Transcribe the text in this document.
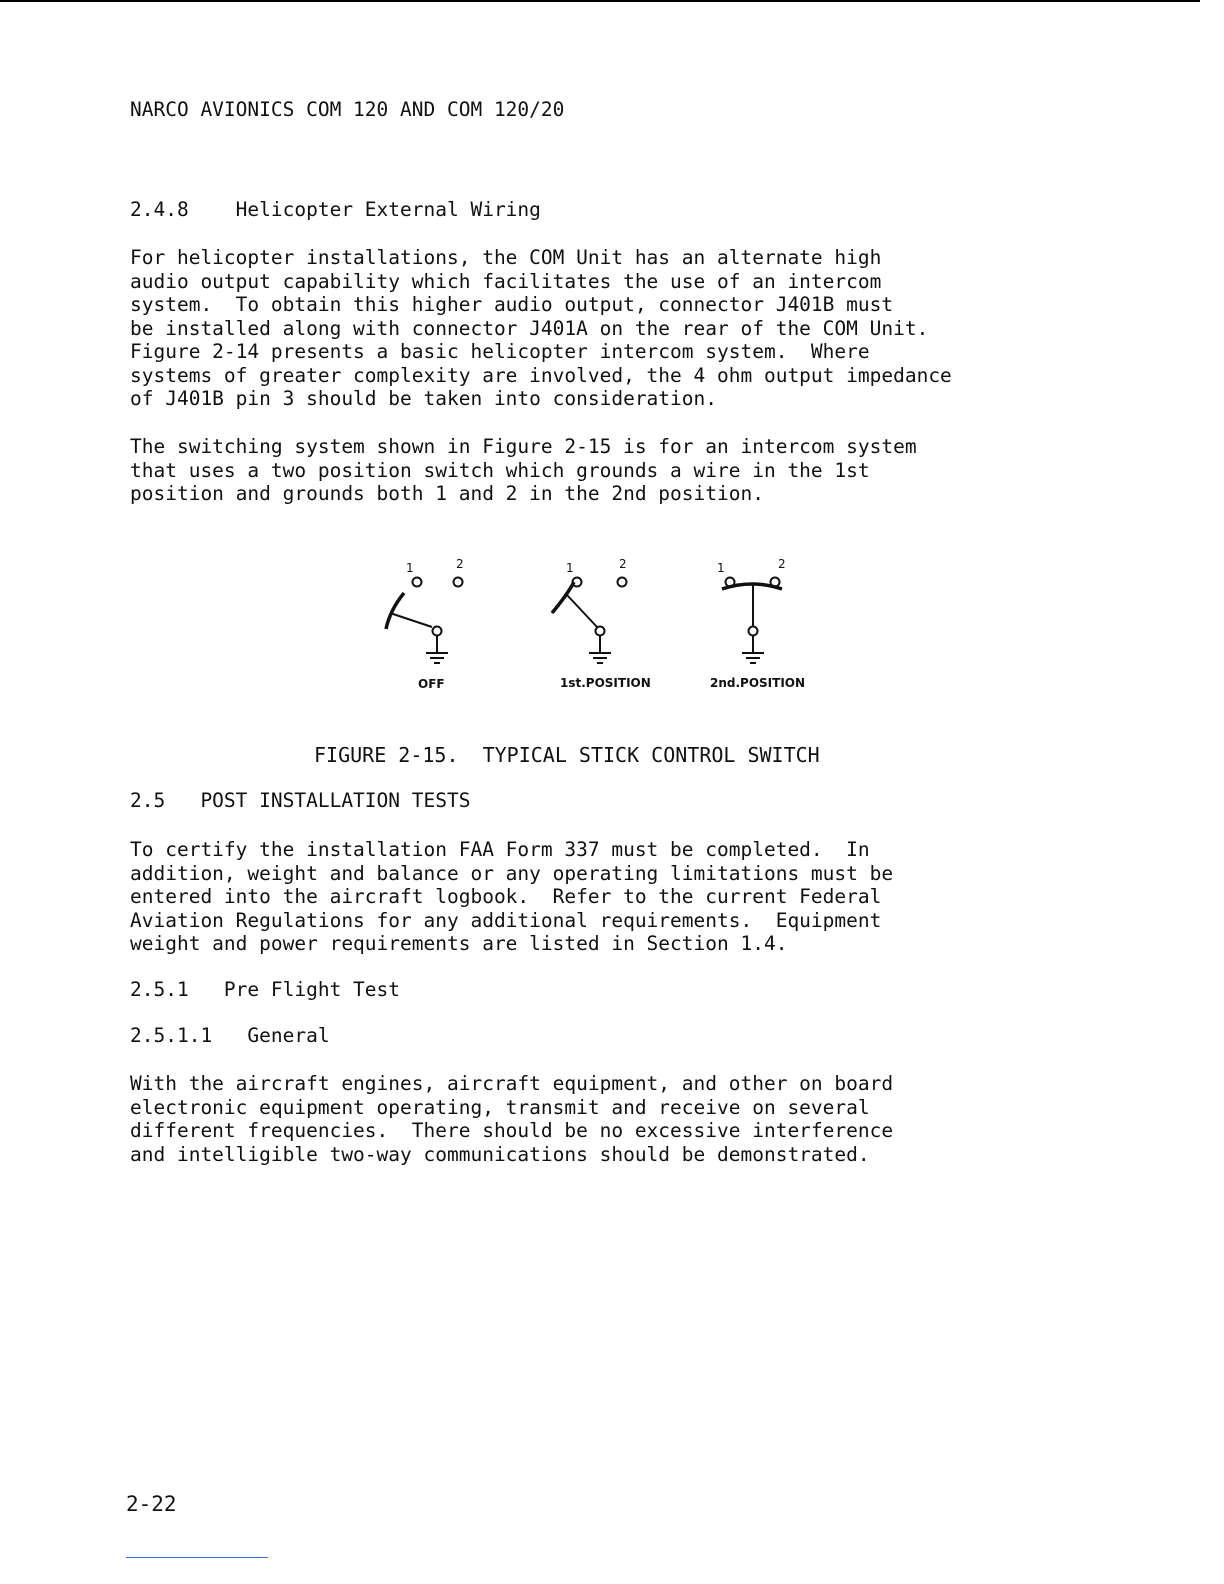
NARCO AVIONICS COM 120 AND COM 120/20

2.4.8    Helicopter External Wiring

For helicopter installations, the COM Unit has an alternate high
audio output capability which facilitates the use of an intercom
system.  To obtain this higher audio output, connector J401B must
be installed along with connector J401A on the rear of the COM Unit.
Figure 2-14 presents a basic helicopter intercom system.  Where
systems of greater complexity are involved, the 4 ohm output impedance
of J401B pin 3 should be taken into consideration.

The switching system shown in Figure 2-15 is for an intercom system
that uses a two position switch which grounds a wire in the 1st
position and grounds both 1 and 2 in the 2nd position.

1	2	1	2	1	2
OFF	1st.POSITION	2nd.POSITION

FIGURE 2-15.  TYPICAL STICK CONTROL SWITCH

2.5   POST INSTALLATION TESTS

To certify the installation FAA Form 337 must be completed.  In
addition, weight and balance or any operating limitations must be
entered into the aircraft logbook.  Refer to the current Federal
Aviation Regulations for any additional requirements.  Equipment
weight and power requirements are listed in Section 1.4.

2.5.1   Pre Flight Test

2.5.1.1   General

With the aircraft engines, aircraft equipment, and other on board
electronic equipment operating, transmit and receive on several
different frequencies.  There should be no excessive interference
and intelligible two-way communications should be demonstrated.

2-22
